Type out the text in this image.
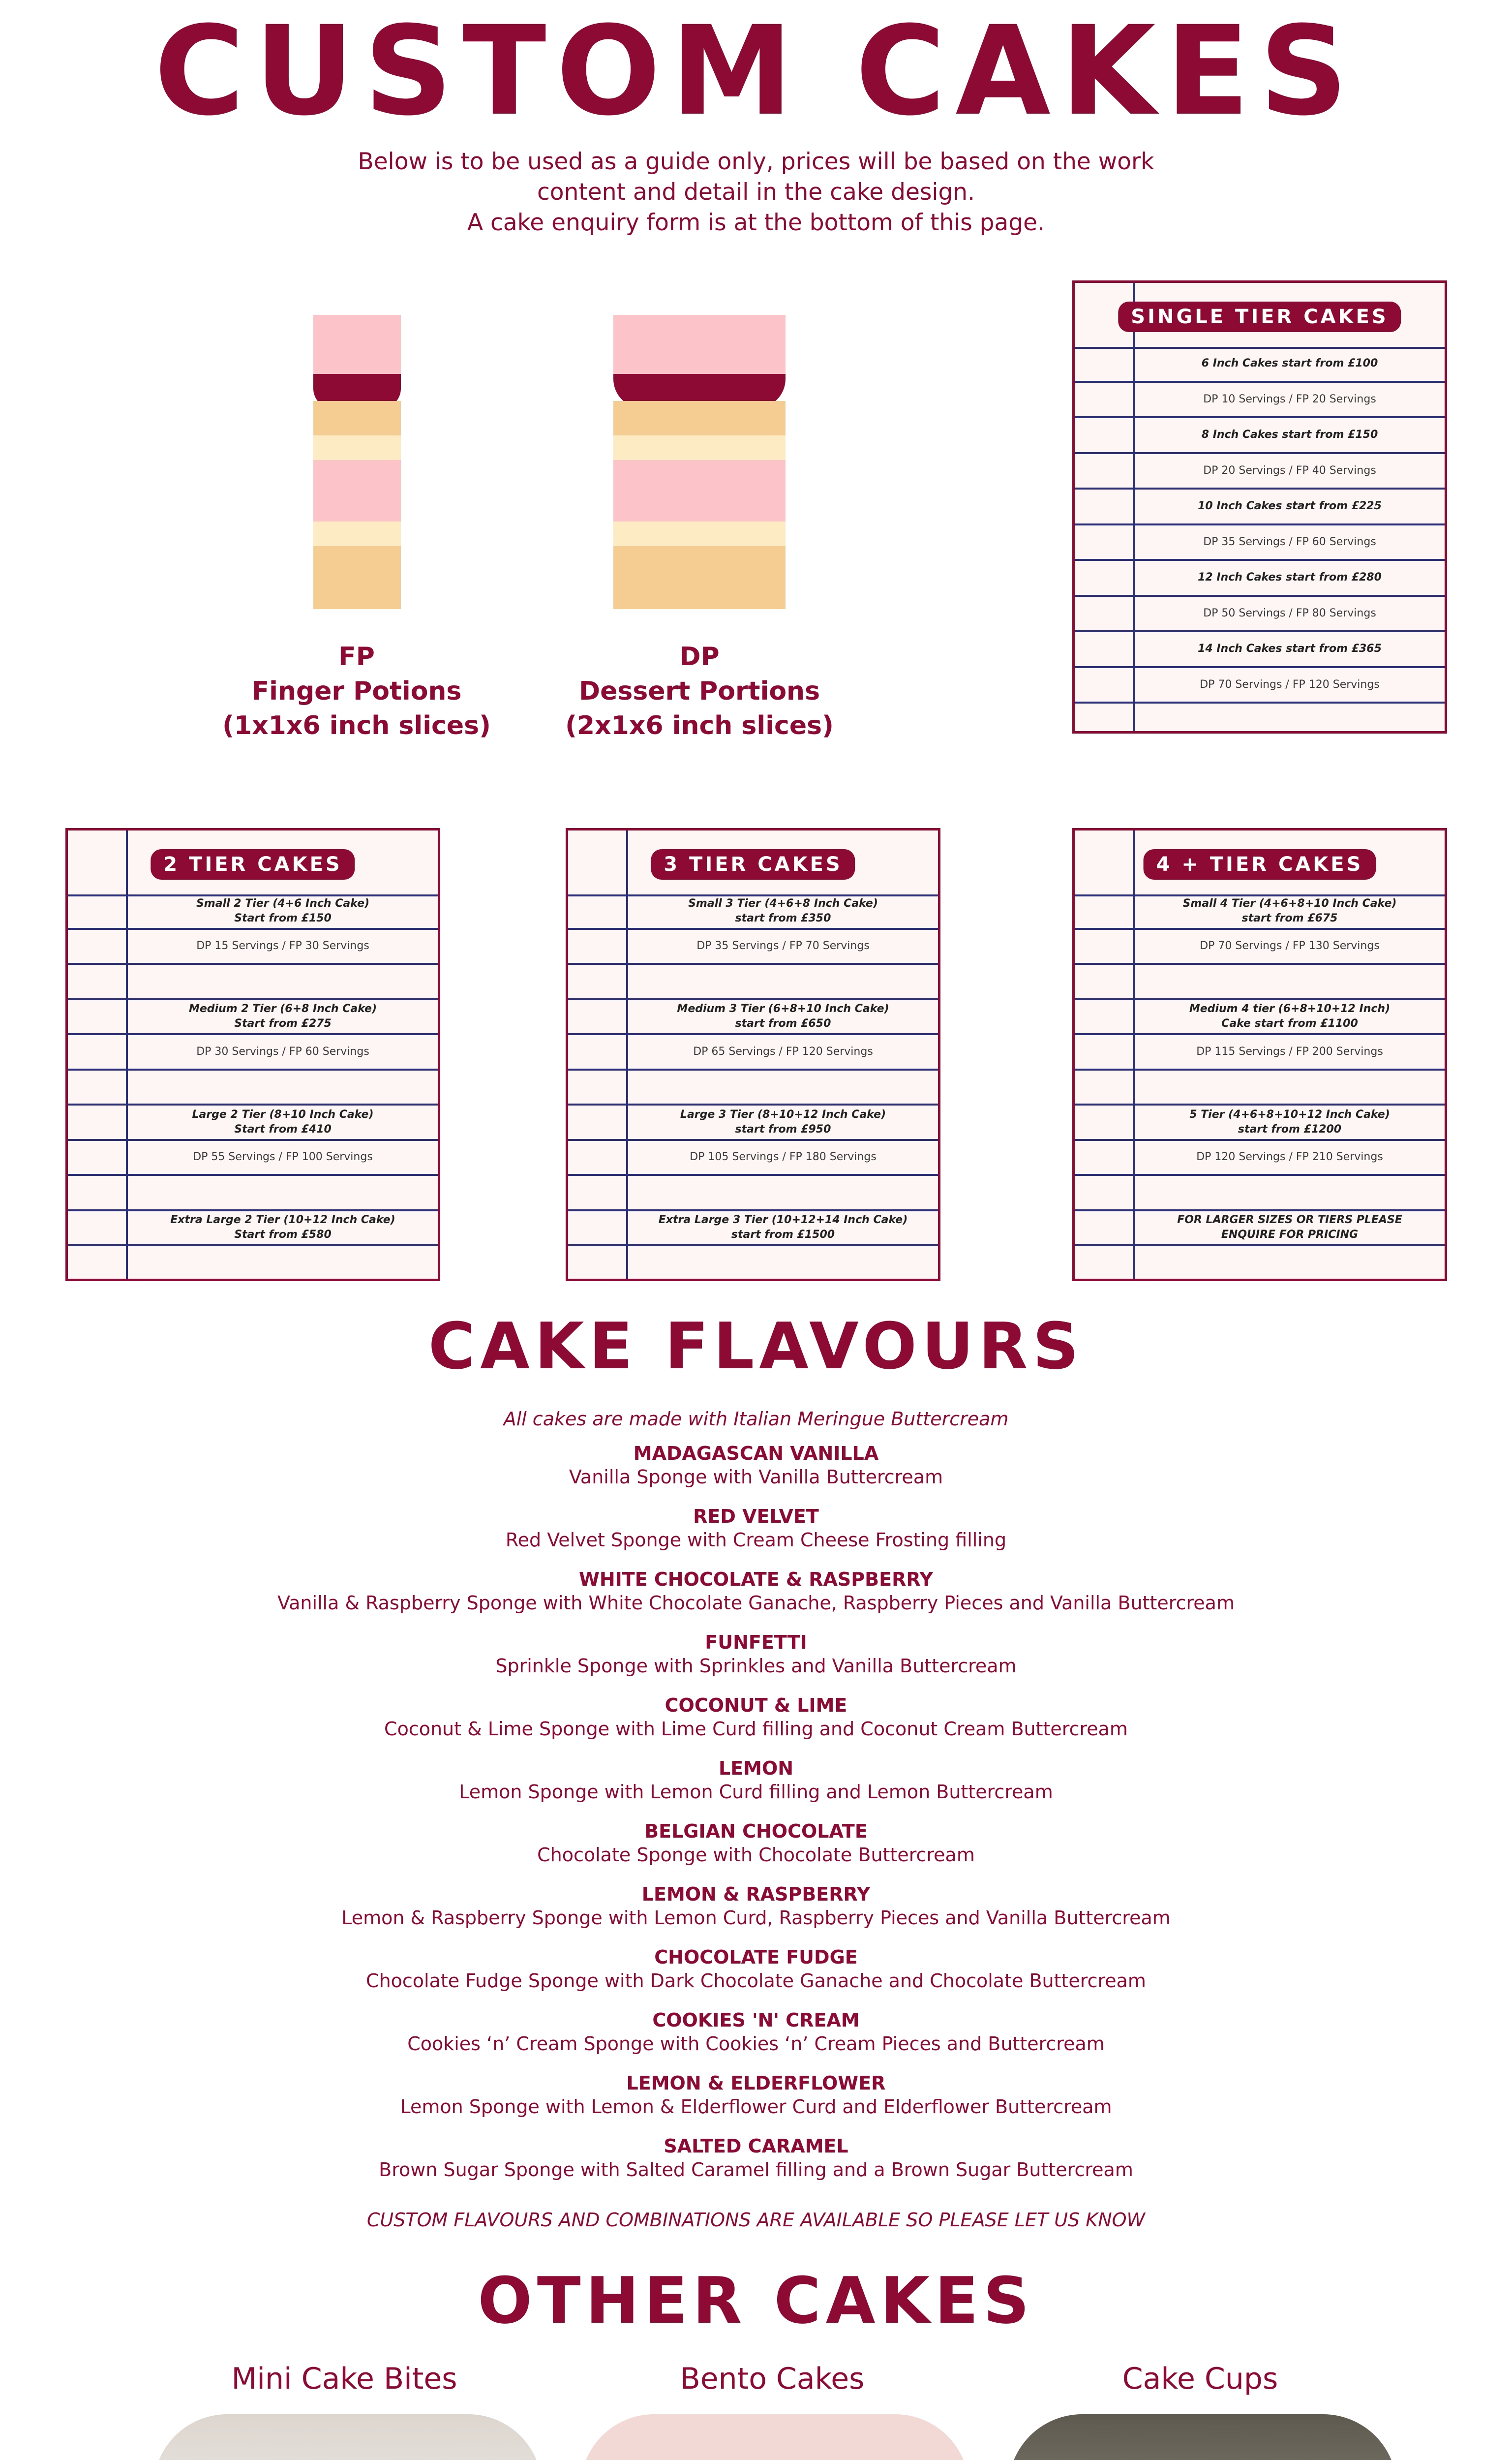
CUSTOM CAKES
Below is to be used as a guide only, prices will be based on the work
content and detail in the cake design.
A cake enquiry form is at the bottom of this page.
FP
Finger Potions
(1x1x6 inch slices)
DP
Dessert Portions
(2x1x6 inch slices)
SINGLE TIER CAKES
6 Inch Cakes start from £100
DP 10 Servings / FP 20 Servings
8 Inch Cakes start from £150
DP 20 Servings / FP 40 Servings
10 Inch Cakes start from £225
DP 35 Servings / FP 60 Servings
12 Inch Cakes start from £280
DP 50 Servings / FP 80 Servings
14 Inch Cakes start from £365
DP 70 Servings / FP 120 Servings
2 TIER CAKES
Small 2 Tier (4+6 Inch Cake)
Start from £150
DP 15 Servings / FP 30 Servings
Medium 2 Tier (6+8 Inch Cake)
Start from £275
DP 30 Servings / FP 60 Servings
Large 2 Tier (8+10 Inch Cake)
Start from £410
DP 55 Servings / FP 100 Servings
Extra Large 2 Tier (10+12 Inch Cake)
Start from £580
3 TIER CAKES
Small 3 Tier (4+6+8 Inch Cake)
start from £350
DP 35 Servings / FP 70 Servings
Medium 3 Tier (6+8+10 Inch Cake)
start from £650
DP 65 Servings / FP 120 Servings
Large 3 Tier (8+10+12 Inch Cake)
start from £950
DP 105 Servings / FP 180 Servings
Extra Large 3 Tier (10+12+14 Inch Cake)
start from £1500
4 + TIER CAKES
Small 4 Tier (4+6+8+10 Inch Cake)
start from £675
DP 70 Servings / FP 130 Servings
Medium 4 tier (6+8+10+12 Inch)
Cake start from £1100
DP 115 Servings / FP 200 Servings
5 Tier (4+6+8+10+12 Inch Cake)
start from £1200
DP 120 Servings / FP 210 Servings
FOR LARGER SIZES OR TIERS PLEASE
ENQUIRE FOR PRICING
CAKE FLAVOURS
All cakes are made with Italian Meringue Buttercream
MADAGASCAN VANILLA
Vanilla Sponge with Vanilla Buttercream
RED VELVET
Red Velvet Sponge with Cream Cheese Frosting filling
WHITE CHOCOLATE & RASPBERRY
Vanilla & Raspberry Sponge with White Chocolate Ganache, Raspberry Pieces and Vanilla Buttercream
FUNFETTI
Sprinkle Sponge with Sprinkles and Vanilla Buttercream
COCONUT & LIME
Coconut & Lime Sponge with Lime Curd filling and Coconut Cream Buttercream
LEMON
Lemon Sponge with Lemon Curd filling and Lemon Buttercream
BELGIAN CHOCOLATE
Chocolate Sponge with Chocolate Buttercream
LEMON & RASPBERRY
Lemon & Raspberry Sponge with Lemon Curd, Raspberry Pieces and Vanilla Buttercream
CHOCOLATE FUDGE
Chocolate Fudge Sponge with Dark Chocolate Ganache and Chocolate Buttercream
COOKIES 'N' CREAM
Cookies ‘n’ Cream Sponge with Cookies ‘n’ Cream Pieces and Buttercream
LEMON & ELDERFLOWER
Lemon Sponge with Lemon & Elderflower Curd and Elderflower Buttercream
SALTED CARAMEL
Brown Sugar Sponge with Salted Caramel filling and a Brown Sugar Buttercream
CUSTOM FLAVOURS AND COMBINATIONS ARE AVAILABLE SO PLEASE LET US KNOW
OTHER CAKES
Mini Cake Bites	Bento Cakes	Cake Cups
